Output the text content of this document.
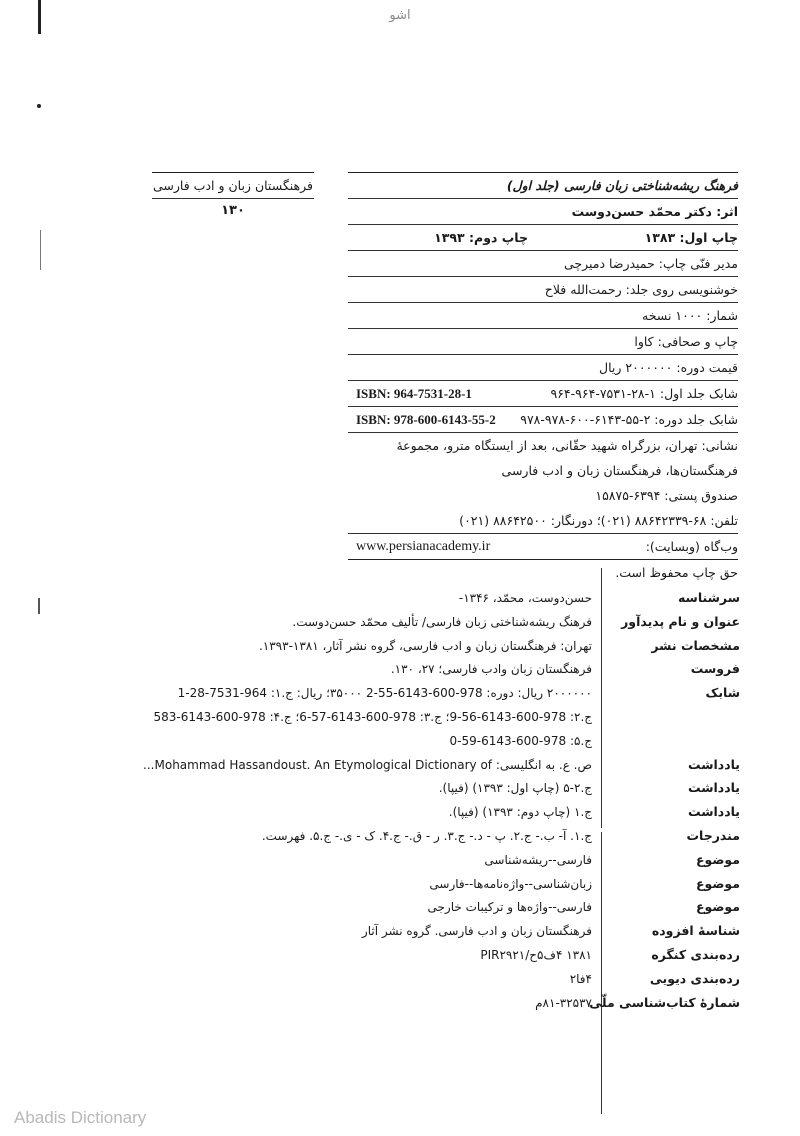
اشو
فرهنگستان زبان و ادب فارسی
۱۳۰
فرهنگ ریشه‌شناختی زبان فارسی (جلد اول)
اثر: دکتر محمّد حسن‌دوست
چاپ اول: ۱۳۸۳
چاپ دوم: ۱۳۹۳
مدیر فنّی چاپ: حمیدرضا دمیرچی
خوشنویسی روی جلد: رحمت‌الله فلاح
شمار: ۱۰۰۰ نسخه
چاپ و صحافی: کاوا
قیمت دوره: ۲۰۰۰۰۰۰ ریال
شابک جلد اول: ۱-۲۸-۷۵۳۱-۹۶۴-۹۶۴
ISBN: 964-7531-28-1
شابک جلد دوره: ۲-۵۵-۶۱۴۳-۶۰۰-۹۷۸-۹۷۸
ISBN: 978-600-6143-55-2
نشانی: تهران، بزرگراه شهید حقّانی، بعد از ایستگاه مترو، مجموعهٔ
فرهنگستان‌ها، فرهنگستان زبان و ادب فارسی
صندوق پستی: ۶۳۹۴-۱۵۸۷۵
تلفن: ۶۸-۸۸۶۴۲۳۳۹ (۰۲۱)؛ دورنگار: ۸۸۶۴۲۵۰۰ (۰۲۱)
وب‌گاه (وبسایت):
www.persianacademy.ir
حق چاپ محفوظ است.
سرشناسه
حسن‌دوست، محمّد، ۱۳۴۶-
عنوان و نام پدیدآور
فرهنگ ریشه‌شناختی زبان فارسی/ تألیف محمّد حسن‌دوست.
مشخصات نشر
تهران: فرهنگستان زبان و ادب فارسی، گروه نشر آثار، ۱۳۸۱-۱۳۹۳.
فروست
فرهنگستان زبان وادب فارسی؛ ۲۷، ۱۳۰.
شابک
۲۰۰۰۰۰۰ ریال: دوره: 978-600-6143-55-2 ۳۵۰۰۰؛ ریال: ج.۱: 964-7531-28-1
ج.۲: 978-600-6143-56-9؛ ج.۳: 978-600-6143-57-6؛ ج.۴: 978-600-6143-583
ج.۵: 978-600-6143-59-0
یادداشت
ص. ع. به انگلیسی: Mohammad Hassandoust. An Etymological Dictionary of...
یادداشت
ج.۲-۵ (چاپ اول: ۱۳۹۳) (فیپا).
یادداشت
ج.۱ (چاپ دوم: ۱۳۹۳) (فیپا).
مندرجات
ج.۱. آ- ب.- ج.۲. پ - د.- ج.۳. ر - ق.- ج.۴. ک - ی.- ج.۵. فهرست.
موضوع
فارسی--ریشه‌شناسی
موضوع
زبان‌شناسی--واژه‌نامه‌ها--فارسی
موضوع
فارسی--واژه‌ها و ترکیبات خارجی
شناسهٔ افزوده
فرهنگستان زبان و ادب فارسی. گروه نشر آثار
رده‌بندی کنگره
۱۳۸۱ ۴ف۵ح/PIR۲۹۲۱
رده‌بندی دیویی
۴فا۲
شمارهٔ کتاب‌شناسی ملّی
۸۱-۳۲۵۳۷م
Abadis Dictionary
